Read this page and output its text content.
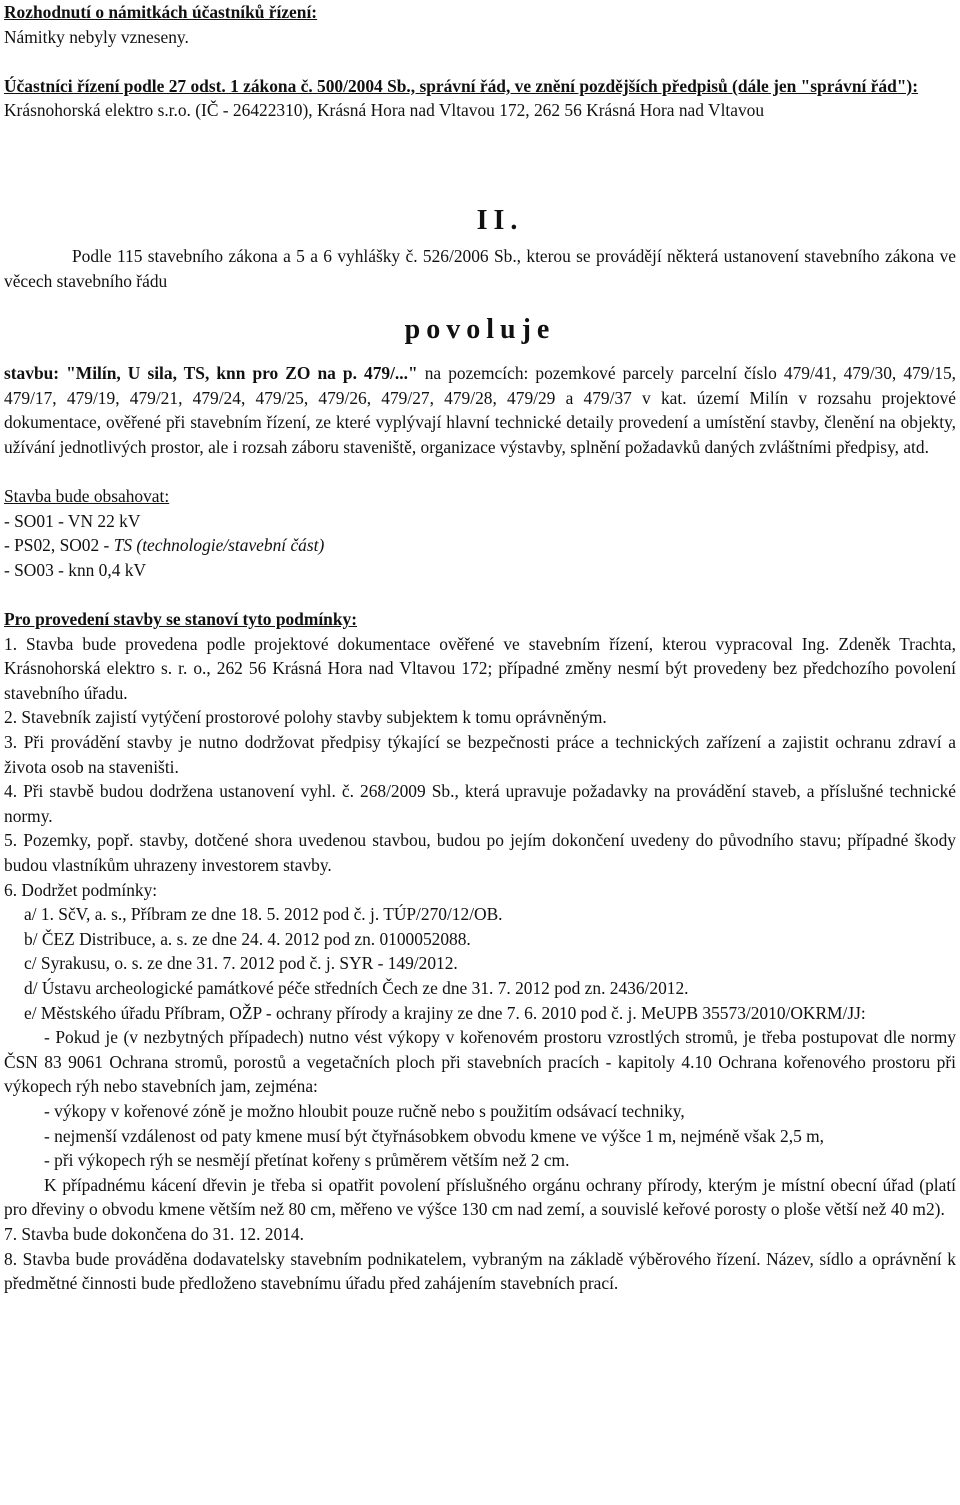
Rozhodnutí o námitkách účastníků řízení:

Námitky nebyly vzneseny.

Účastníci řízení podle 27 odst. 1 zákona č. 500/2004 Sb., správní řád, ve znění pozdějších předpisů (dále jen "správní řád"):

Krásnohorská elektro s.r.o. (IČ - 26422310), Krásná Hora nad Vltavou 172, 262 56 Krásná Hora nad Vltavou

II.

Podle 115 stavebního zákona a 5 a 6 vyhlášky č. 526/2006 Sb., kterou se provádějí některá ustanovení stavebního zákona ve věcech stavebního řádu

povoluje

stavbu: "Milín, U sila, TS, knn pro ZO na p. 479/..." na pozemcích: pozemkové parcely parcelní číslo 479/41, 479/30, 479/15, 479/17, 479/19, 479/21, 479/24, 479/25, 479/26, 479/27, 479/28, 479/29 a 479/37 v kat. území Milín v rozsahu projektové dokumentace, ověřené při stavebním řízení, ze které vyplývají hlavní technické detaily provedení a umístění stavby, členění na objekty, užívání jednotlivých prostor, ale i rozsah záboru staveniště, organizace výstavby, splnění požadavků daných zvláštními předpisy, atd.

Stavba bude obsahovat:

- SO01 - VN 22 kV

- PS02, SO02 - TS (technologie/stavební část)

- SO03 - knn 0,4 kV

Pro provedení stavby se stanoví tyto podmínky:

1. Stavba bude provedena podle projektové dokumentace ověřené ve stavebním řízení, kterou vypracoval Ing. Zdeněk Trachta, Krásnohorská elektro s. r. o., 262 56 Krásná Hora nad Vltavou 172; případné změny nesmí být provedeny bez předchozího povolení stavebního úřadu.

2. Stavebník zajistí vytýčení prostorové polohy stavby subjektem k tomu oprávněným.

3. Při provádění stavby je nutno dodržovat předpisy týkající se bezpečnosti práce a technických zařízení a zajistit ochranu zdraví a života osob na staveništi.

4. Při stavbě budou dodržena ustanovení vyhl. č. 268/2009 Sb., která upravuje požadavky na provádění staveb, a příslušné technické normy.

5. Pozemky, popř. stavby, dotčené shora uvedenou stavbou, budou po jejím dokončení uvedeny do původního stavu; případné škody budou vlastníkům uhrazeny investorem stavby.

6. Dodržet podmínky:

a/ 1. SčV, a. s., Příbram ze dne 18. 5. 2012 pod č. j. TÚP/270/12/OB.

b/ ČEZ Distribuce, a. s. ze dne 24. 4. 2012 pod zn. 0100052088.

c/ Syrakusu, o. s. ze dne 31. 7. 2012 pod č. j. SYR - 149/2012.

d/ Ústavu archeologické památkové péče středních Čech ze dne 31. 7. 2012 pod zn. 2436/2012.

e/ Městského úřadu Příbram, OŽP - ochrany přírody a krajiny ze dne 7. 6. 2010 pod č. j. MeUPB 35573/2010/OKRM/JJ:

- Pokud je (v nezbytných případech) nutno vést výkopy v kořenovém prostoru vzrostlých stromů, je třeba postupovat dle normy ČSN 83 9061 Ochrana stromů, porostů a vegetačních ploch při stavebních pracích - kapitoly 4.10 Ochrana kořenového prostoru při výkopech rýh nebo stavebních jam, zejména:

- výkopy v kořenové zóně je možno hloubit pouze ručně nebo s použitím odsávací techniky,

- nejmenší vzdálenost od paty kmene musí být čtyřnásobkem obvodu kmene ve výšce 1 m, nejméně však 2,5 m,

- při výkopech rýh se nesmějí přetínat kořeny s průměrem větším než 2 cm.

K případnému kácení dřevin je třeba si opatřit povolení příslušného orgánu ochrany přírody, kterým je místní obecní úřad (platí pro dřeviny o obvodu kmene větším než 80 cm, měřeno ve výšce 130 cm nad zemí, a souvislé keřové porosty o ploše větší než 40 m2).

7. Stavba bude dokončena do 31. 12. 2014.

8. Stavba bude prováděna dodavatelsky stavebním podnikatelem, vybraným na základě výběrového řízení. Název, sídlo a oprávnění k předmětné činnosti bude předloženo stavebnímu úřadu před zahájením stavebních prací.
